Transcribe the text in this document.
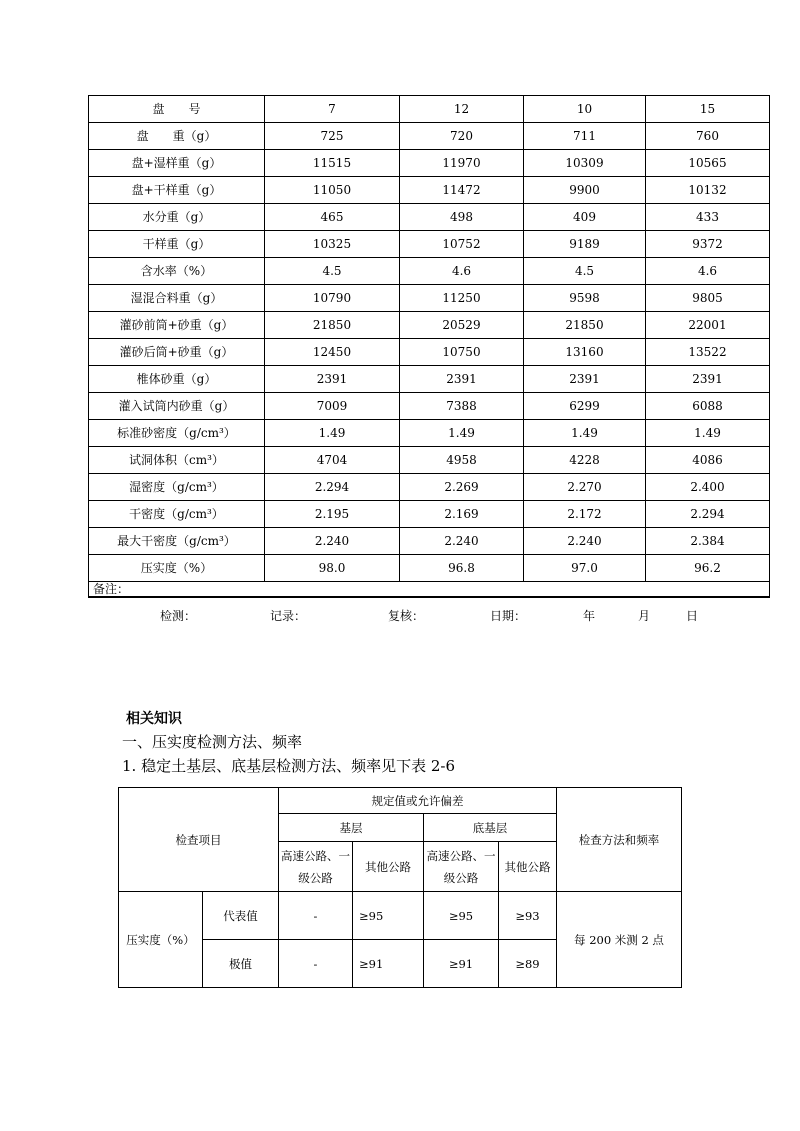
盘　　号	7	12	10	15
盘　　重（g）	725	720	711	760
盘+湿样重（g）	11515	11970	10309	10565
盘+干样重（g）	11050	11472	9900	10132
水分重（g）	465	498	409	433
干样重（g）	10325	10752	9189	9372
含水率（%）	4.5	4.6	4.5	4.6
湿混合料重（g）	10790	11250	9598	9805
灌砂前筒+砂重（g）	21850	20529	21850	22001
灌砂后筒+砂重（g）	12450	10750	13160	13522
椎体砂重（g）	2391	2391	2391	2391
灌入试筒内砂重（g）	7009	7388	6299	6088
标准砂密度（g/cm³）	1.49	1.49	1.49	1.49
试洞体积（cm³）	4704	4958	4228	4086
湿密度（g/cm³）	2.294	2.269	2.270	2.400
干密度（g/cm³）	2.195	2.169	2.172	2.294
最大干密度（g/cm³）	2.240	2.240	2.240	2.384
压实度（%）	98.0	96.8	97.0	96.2
备注：				
检测：	记录：	复核：	日期：	年	月	日
相关知识
一、压实度检测方法、频率
1. 稳定土基层、底基层检测方法、频率见下表 2-6
检查项目		规定值或允许偏差				检查方法和频率
		基层		底基层		
		高速公路、一级公路	其他公路	高速公路、一级公路	其他公路	
压实度（%）	代表值	-	≥95	≥95	≥93	每 200 米测 2 点
	极值	-	≥91	≥91	≥89	
